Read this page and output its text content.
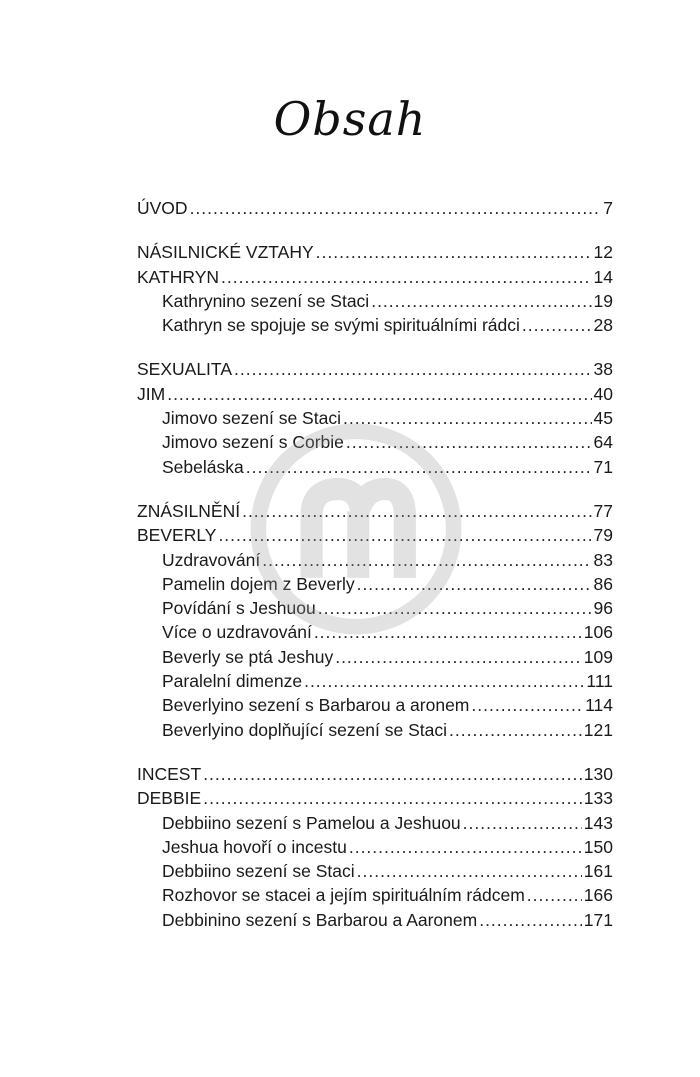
Obsah
ÚVOD .....	7
NÁSILNICKÉ VZTAHY .....	12
KATHRYN .....	14
Kathrynino sezení se Staci .....	19
Kathryn se spojuje se svými spirituálními rádci .....	28
SEXUALITA .....	38
JIM .....	40
Jimovo sezení se Staci .....	45
Jimovo sezení s Corbie .....	64
Sebeláska .....	71
ZNÁSILNĚNÍ .....	77
BEVERLY .....	79
Uzdravování .....	83
Pamelin dojem z Beverly .....	86
Povídání s Jeshuou .....	96
Více o uzdravování .....	106
Beverly se ptá Jeshuy .....	109
Paralelní dimenze .....	111
Beverlyino sezení s Barbarou a aronem .....	114
Beverlyino doplňující sezení se Staci .....	121
INCEST .....	130
DEBBIE .....	133
Debbiino sezení s Pamelou a Jeshuou .....	143
Jeshua hovoří o incestu .....	150
Debbiino sezení se Staci .....	161
Rozhovor se stacei a jejím spirituálním rádcem .....	166
Debbinino sezení s Barbarou a Aaronem .....	171
